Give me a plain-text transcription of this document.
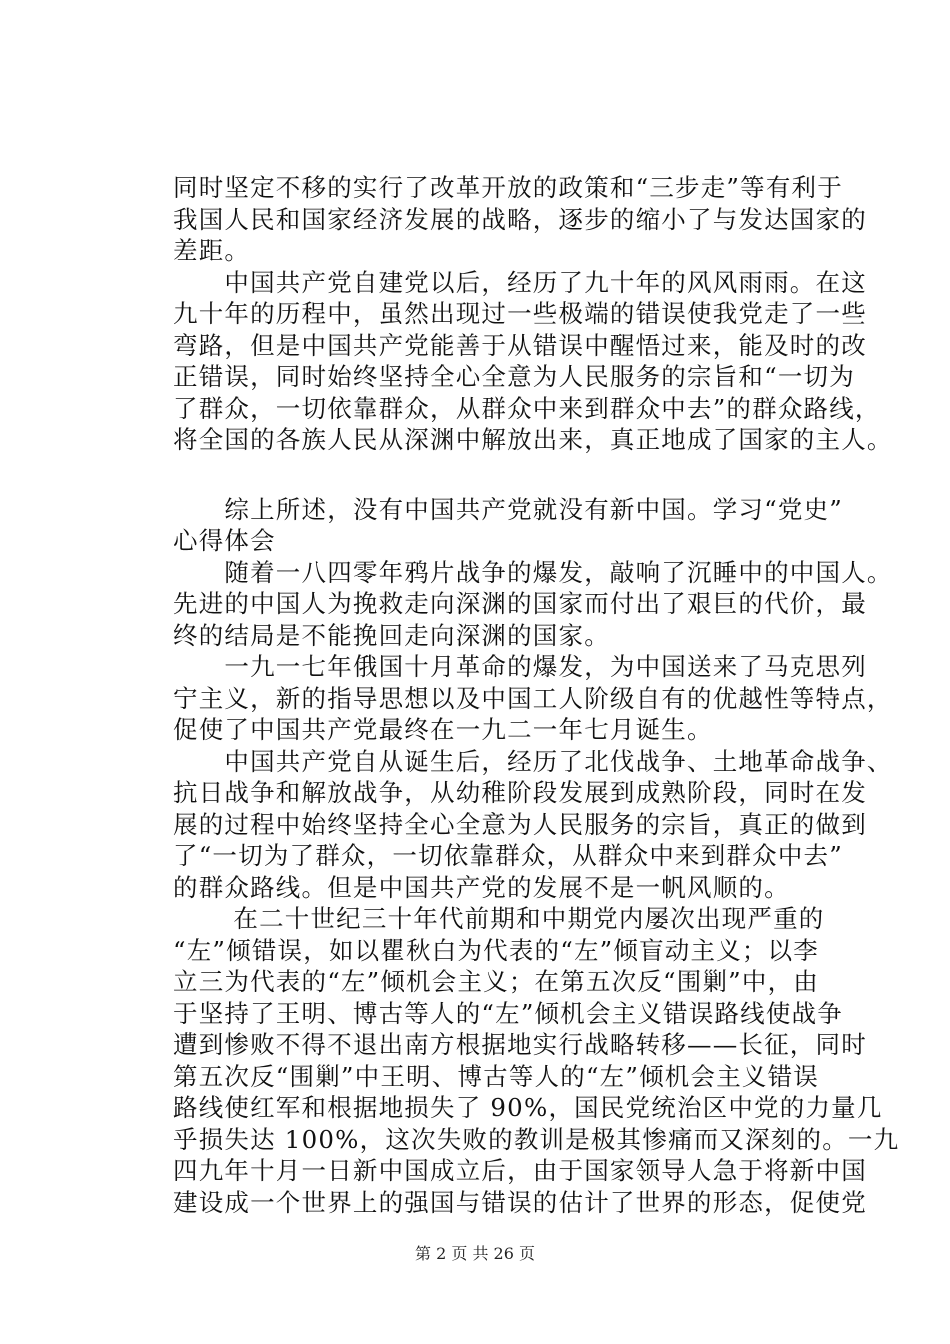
同时坚定不移的实行了改革开放的政策和“三步走”等有利于
我国人民和国家经济发展的战略，逐步的缩小了与发达国家的
差距。
　　中国共产党自建党以后，经历了九十年的风风雨雨。在这
九十年的历程中，虽然出现过一些极端的错误使我党走了一些
弯路，但是中国共产党能善于从错误中醒悟过来，能及时的改
正错误，同时始终坚持全心全意为人民服务的宗旨和“一切为
了群众，一切依靠群众，从群众中来到群众中去”的群众路线，
将全国的各族人民从深渊中解放出来，真正地成了国家的主人。
　　综上所述，没有中国共产党就没有新中国。学习“党史”
心得体会
　　随着一八四零年鸦片战争的爆发，敲响了沉睡中的中国人。
先进的中国人为挽救走向深渊的国家而付出了艰巨的代价，最
终的结局是不能挽回走向深渊的国家。
　　一九一七年俄国十月革命的爆发，为中国送来了马克思列
宁主义，新的指导思想以及中国工人阶级自有的优越性等特点，
促使了中国共产党最终在一九二一年七月诞生。
　　中国共产党自从诞生后，经历了北伐战争、土地革命战争、
抗日战争和解放战争，从幼稚阶段发展到成熟阶段，同时在发
展的过程中始终坚持全心全意为人民服务的宗旨，真正的做到
了“一切为了群众，一切依靠群众，从群众中来到群众中去”
的群众路线。但是中国共产党的发展不是一帆风顺的。
　　 在二十世纪三十年代前期和中期党内屡次出现严重的
“左”倾错误，如以瞿秋白为代表的“左”倾盲动主义；以李
立三为代表的“左”倾机会主义；在第五次反“围剿”中，由
于坚持了王明、博古等人的“左”倾机会主义错误路线使战争
遭到惨败不得不退出南方根据地实行战略转移——长征，同时
第五次反“围剿”中王明、博古等人的“左”倾机会主义错误
路线使红军和根据地损失了 90%，国民党统治区中党的力量几
乎损失达 100%，这次失败的教训是极其惨痛而又深刻的。一九
四九年十月一日新中国成立后，由于国家领导人急于将新中国
建设成一个世界上的强国与错误的估计了世界的形态，促使党
第 2 页 共 26 页
